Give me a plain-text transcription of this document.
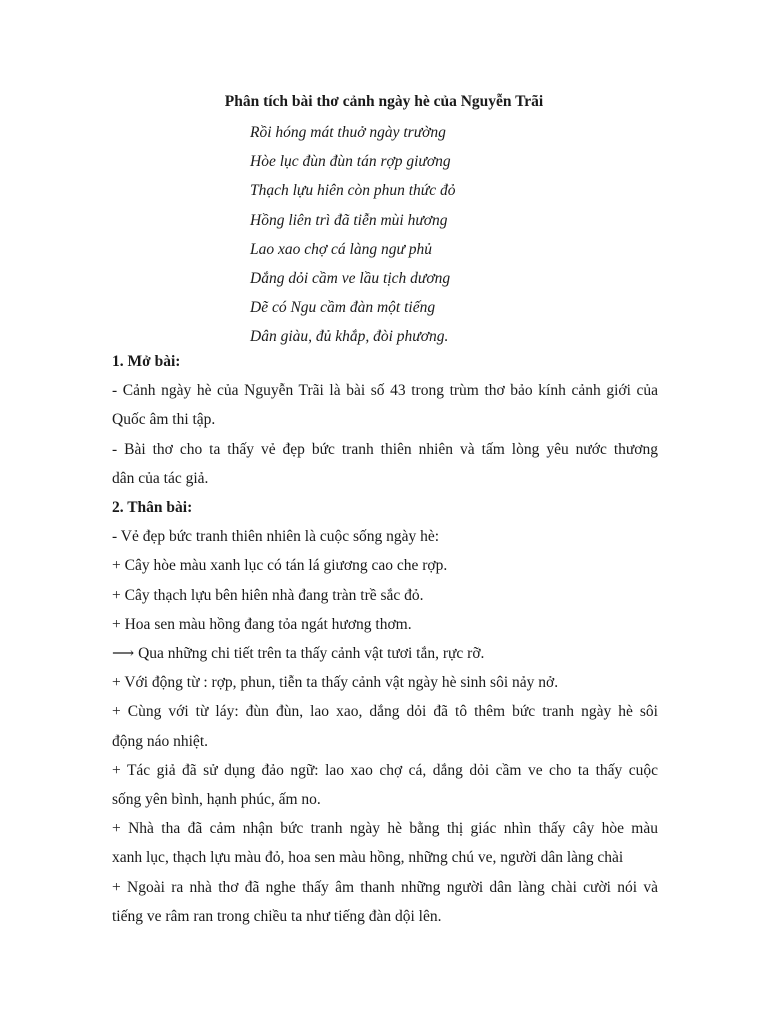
Phân tích bài thơ cảnh ngày hè của Nguyễn Trãi
Rồi hóng mát thuở ngày trường
Hòe lục đùn đùn tán rợp giương
Thạch lựu hiên còn phun thức đỏ
Hồng liên trì đã tiễn mùi hương
Lao xao chợ cá làng ngư phủ
Dắng dỏi cầm ve lầu tịch dương
Dẽ có Ngu cầm đàn một tiếng
Dân giàu, đủ khắp, đòi phương.
1. Mở bài:
- Cảnh ngày hè của Nguyễn Trãi là bài số 43 trong trùm thơ bảo kính cảnh giới của
Quốc âm thi tập.
- Bài thơ cho ta thấy vẻ đẹp bức tranh thiên nhiên và tấm lòng yêu nước thương
dân của tác giả.
2. Thân bài:
- Vẻ đẹp bức tranh thiên nhiên là cuộc sống ngày hè:
+ Cây hòe màu xanh lục có tán lá giương cao che rợp.
+ Cây thạch lựu bên hiên nhà đang tràn trề sắc đỏ.
+ Hoa sen màu hồng đang tỏa ngát hương thơm.
⟶ Qua những chi tiết trên ta thấy cảnh vật tươi tắn, rực rỡ.
+ Với động từ : rợp, phun, tiễn ta thấy cảnh vật ngày hè sinh sôi nảy nở.
+ Cùng với từ láy: đùn đùn, lao xao, dắng dỏi đã tô thêm bức tranh ngày hè sôi
động náo nhiệt.
+ Tác giả đã sử dụng đảo ngữ: lao xao chợ cá, dắng dỏi cầm ve cho ta thấy cuộc
sống yên bình, hạnh phúc, ấm no.
+ Nhà tha đã cảm nhận bức tranh ngày hè bằng thị giác nhìn thấy cây hòe màu
xanh lục, thạch lựu màu đỏ, hoa sen màu hồng, những chú ve, người dân làng chài
+ Ngoài ra nhà thơ đã nghe thấy âm thanh những người dân làng chài cười nói và
tiếng ve râm ran trong chiều ta như tiếng đàn dội lên.
